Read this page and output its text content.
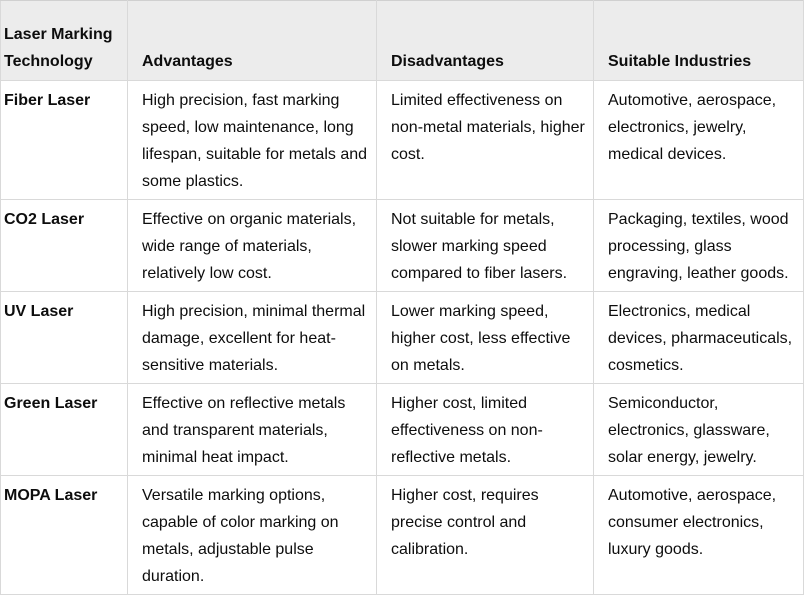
Laser Marking Technology	Advantages	Disadvantages	Suitable Industries
Fiber Laser	High precision, fast marking speed, low maintenance, long lifespan, suitable for metals and some plastics.	Limited effectiveness on non-metal materials, higher cost.	Automotive, aerospace, electronics, jewelry, medical devices.
CO2 Laser	Effective on organic materials, wide range of materials, relatively low cost.	Not suitable for metals, slower marking speed compared to fiber lasers.	Packaging, textiles, wood processing, glass engraving, leather goods.
UV Laser	High precision, minimal thermal damage, excellent for heat-sensitive materials.	Lower marking speed, higher cost, less effective on metals.	Electronics, medical devices, pharmaceuticals, cosmetics.
Green Laser	Effective on reflective metals and transparent materials, minimal heat impact.	Higher cost, limited effectiveness on non-reflective metals.	Semiconductor, electronics, glassware, solar energy, jewelry.
MOPA Laser	Versatile marking options, capable of color marking on metals, adjustable pulse duration.	Higher cost, requires precise control and calibration.	Automotive, aerospace, consumer electronics, luxury goods.
